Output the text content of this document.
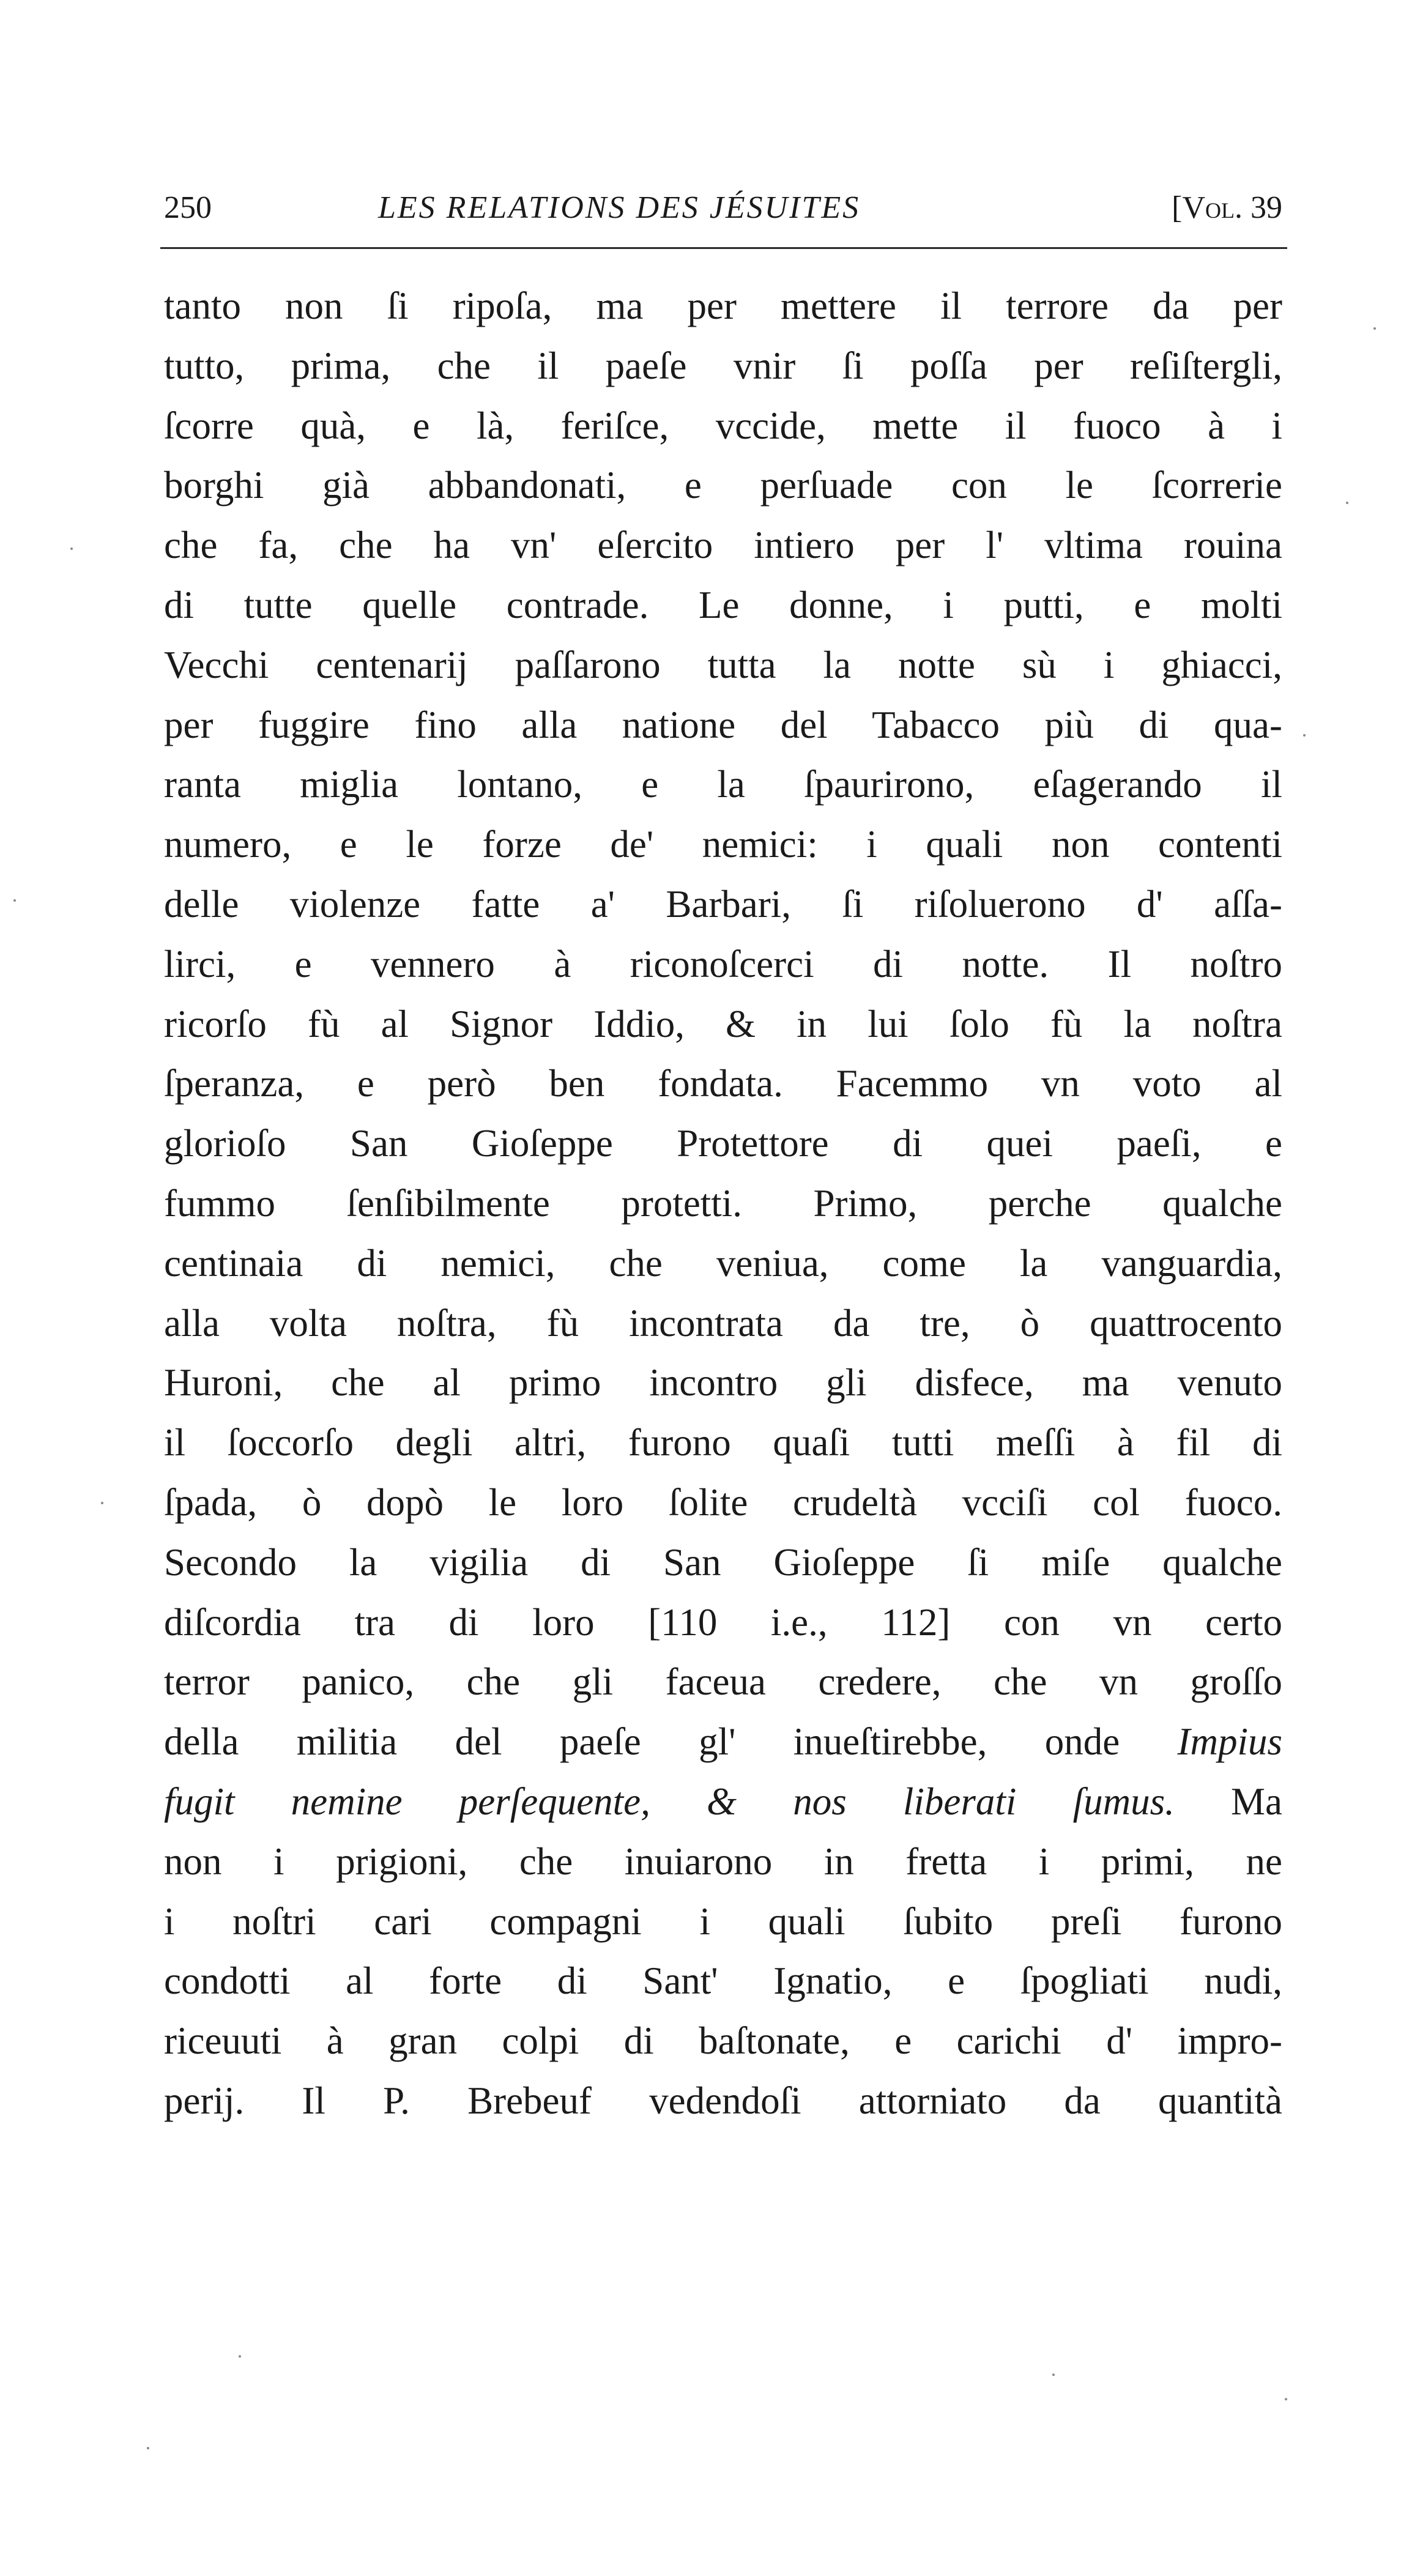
250	LES RELATIONS DES JÉSUITES	[Vol. 39
tanto non ſi ripoſa, ma per mettere il terrore da per
tutto, prima, che il paeſe vnir ſi poſſa per reſiſtergli,
ſcorre quà, e là, feriſce, vccide, mette il fuoco à i
borghi già abbandonati, e perſuade con le ſcorrerie
che fa, che ha vn' eſercito intiero per l' vltima rouina
di tutte quelle contrade. Le donne, i putti, e molti
Vecchi centenarij paſſarono tutta la notte sù i ghiacci,
per fuggire fino alla natione del Tabacco più di qua-
ranta miglia lontano, e la ſpaurirono, eſagerando il
numero, e le forze de' nemici: i quali non contenti
delle violenze fatte a' Barbari, ſi riſoluerono d' aſſa-
lirci, e vennero à riconoſcerci di notte. Il noſtro
ricorſo fù al Signor Iddio, & in lui ſolo fù la noſtra
ſperanza, e però ben fondata. Facemmo vn voto al
glorioſo San Gioſeppe Protettore di quei paeſi, e
fummo ſenſibilmente protetti. Primo, perche qualche
centinaia di nemici, che veniua, come la vanguardia,
alla volta noſtra, fù incontrata da tre, ò quattrocento
Huroni, che al primo incontro gli disfece, ma venuto
il ſoccorſo degli altri, furono quaſi tutti meſſi à fil di
ſpada, ò dopò le loro ſolite crudeltà vcciſi col fuoco.
Secondo la vigilia di San Gioſeppe ſi miſe qualche
diſcordia tra di loro [110 i.e., 112] con vn certo
terror panico, che gli faceua credere, che vn groſſo
della militia del paeſe gl' inueſtirebbe, onde Impius
fugit nemine perſequente, & nos liberati ſumus. Ma
non i prigioni, che inuiarono in fretta i primi, ne
i noſtri cari compagni i quali ſubito preſi furono
condotti al forte di Sant' Ignatio, e ſpogliati nudi,
riceuuti à gran colpi di baſtonate, e carichi d' impro-
perij. Il P. Brebeuf vedendoſi attorniato da quantità
